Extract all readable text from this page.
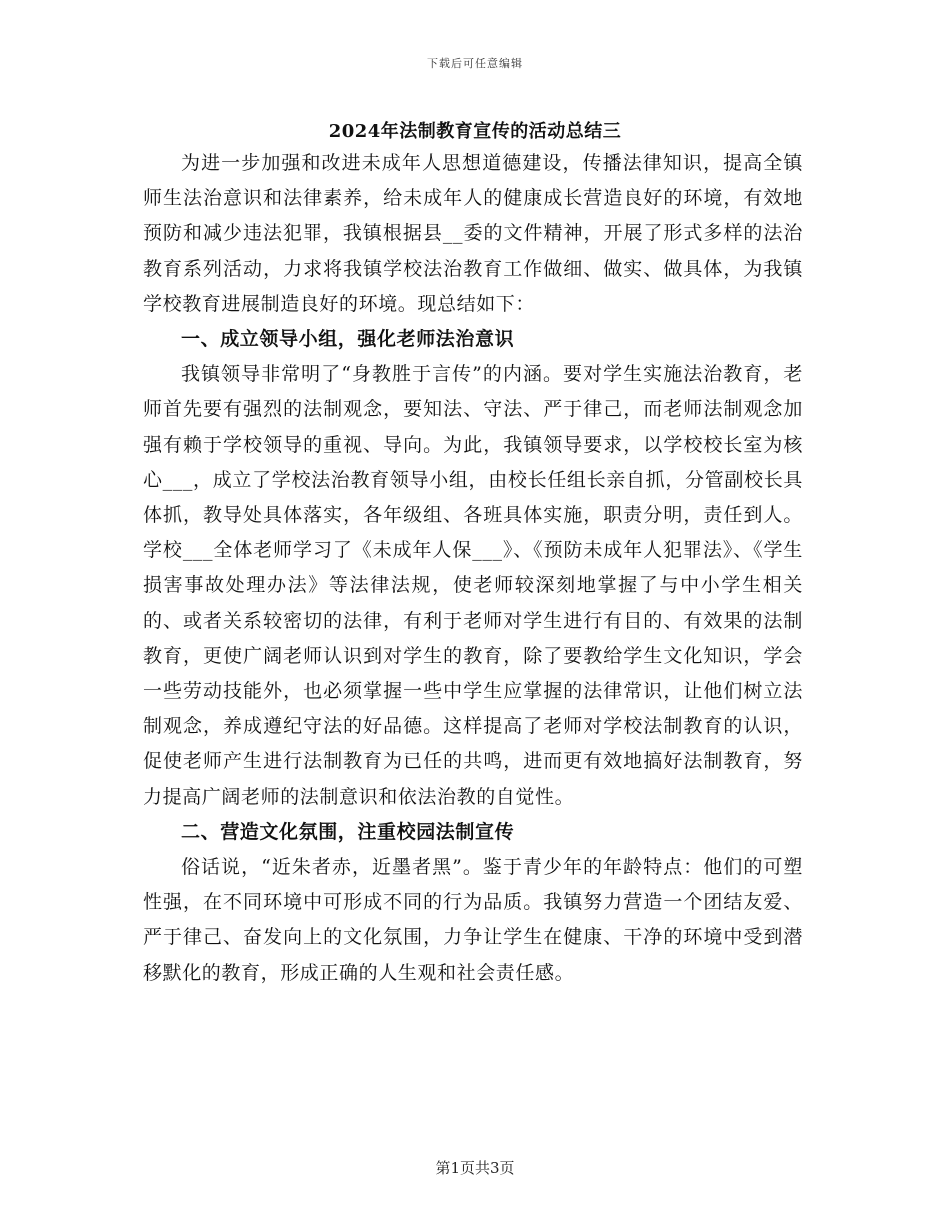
下载后可任意编辑
2024年法制教育宣传的活动总结三

为进一步加强和改进未成年人思想道德建设，传播法律知识，提高全镇师生法治意识和法律素养，给未成年人的健康成长营造良好的环境，有效地预防和减少违法犯罪，我镇根据县__委的文件精神，开展了形式多样的法治教育系列活动，力求将我镇学校法治教育工作做细、做实、做具体，为我镇学校教育进展制造良好的环境。现总结如下：

一、成立领导小组，强化老师法治意识

我镇领导非常明了“身教胜于言传”的内涵。要对学生实施法治教育，老师首先要有强烈的法制观念，要知法、守法、严于律己，而老师法制观念加强有赖于学校领导的重视、导向。为此，我镇领导要求，以学校校长室为核心___，成立了学校法治教育领导小组，由校长任组长亲自抓，分管副校长具体抓，教导处具体落实，各年级组、各班具体实施，职责分明，责任到人。学校___全体老师学习了《未成年人保___》、《预防未成年人犯罪法》、《学生损害事故处理办法》等法律法规，使老师较深刻地掌握了与中小学生相关的、或者关系较密切的法律，有利于老师对学生进行有目的、有效果的法制教育，更使广阔老师认识到对学生的教育，除了要教给学生文化知识，学会一些劳动技能外，也必须掌握一些中学生应掌握的法律常识，让他们树立法制观念，养成遵纪守法的好品德。这样提高了老师对学校法制教育的认识，促使老师产生进行法制教育为已任的共鸣，进而更有效地搞好法制教育，努力提高广阔老师的法制意识和依法治教的自觉性。

二、营造文化氛围，注重校园法制宣传

俗话说，“近朱者赤，近墨者黑”。鉴于青少年的年龄特点：他们的可塑性强，在不同环境中可形成不同的行为品质。我镇努力营造一个团结友爱、严于律己、奋发向上的文化氛围，力争让学生在健康、干净的环境中受到潜移默化的教育，形成正确的人生观和社会责任感。

第1页共3页
